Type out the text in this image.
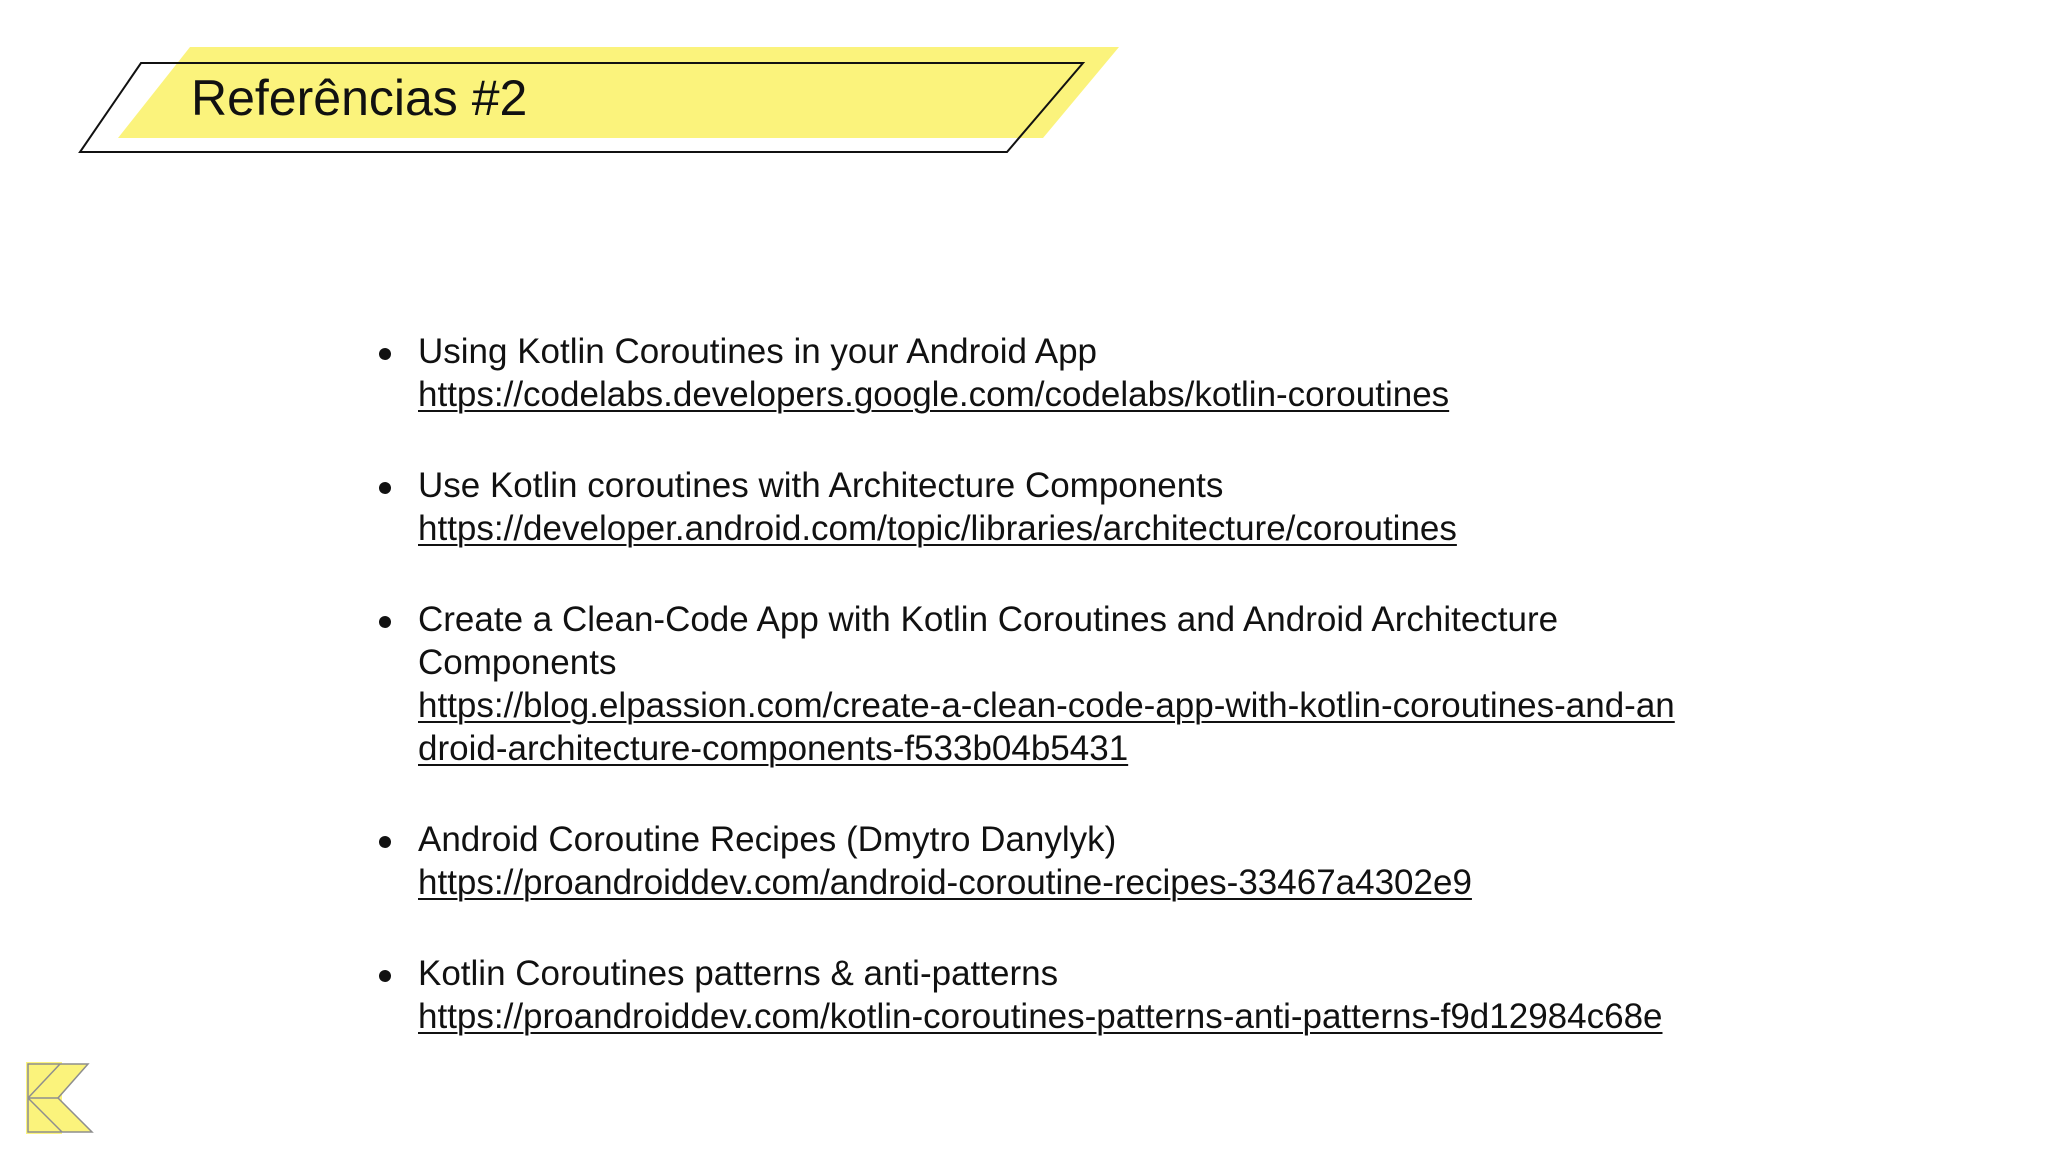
Referências #2
Using Kotlin Coroutines in your Android App
https://codelabs.developers.google.com/codelabs/kotlin-coroutines
Use Kotlin coroutines with Architecture Components
https://developer.android.com/topic/libraries/architecture/coroutines
Create a Clean-Code App with Kotlin Coroutines and Android Architecture Components
https://blog.elpassion.com/create-a-clean-code-app-with-kotlin-coroutines-and-android-architecture-components-f533b04b5431
Android Coroutine Recipes (Dmytro Danylyk)
https://proandroiddev.com/android-coroutine-recipes-33467a4302e9
Kotlin Coroutines patterns & anti-patterns
https://proandroiddev.com/kotlin-coroutines-patterns-anti-patterns-f9d12984c68e
